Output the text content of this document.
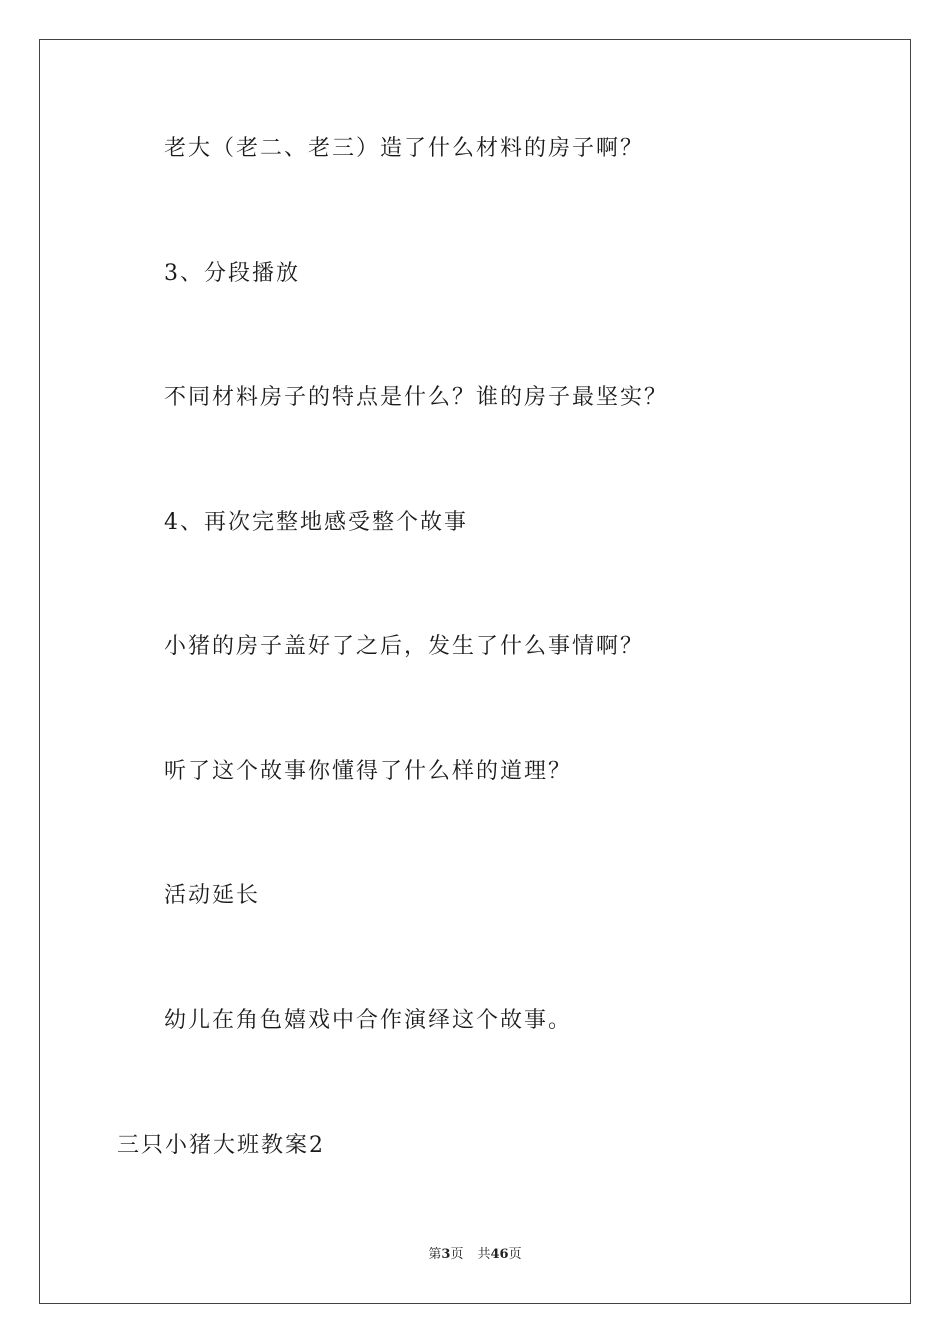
老大（老二、老三）造了什么材料的房子啊？
3、分段播放
不同材料房子的特点是什么？谁的房子最坚实？
4、再次完整地感受整个故事
小猪的房子盖好了之后，发生了什么事情啊？
听了这个故事你懂得了什么样的道理？
活动延长
幼儿在角色嬉戏中合作演绎这个故事。
三只小猪大班教案2
第3页 共46页
